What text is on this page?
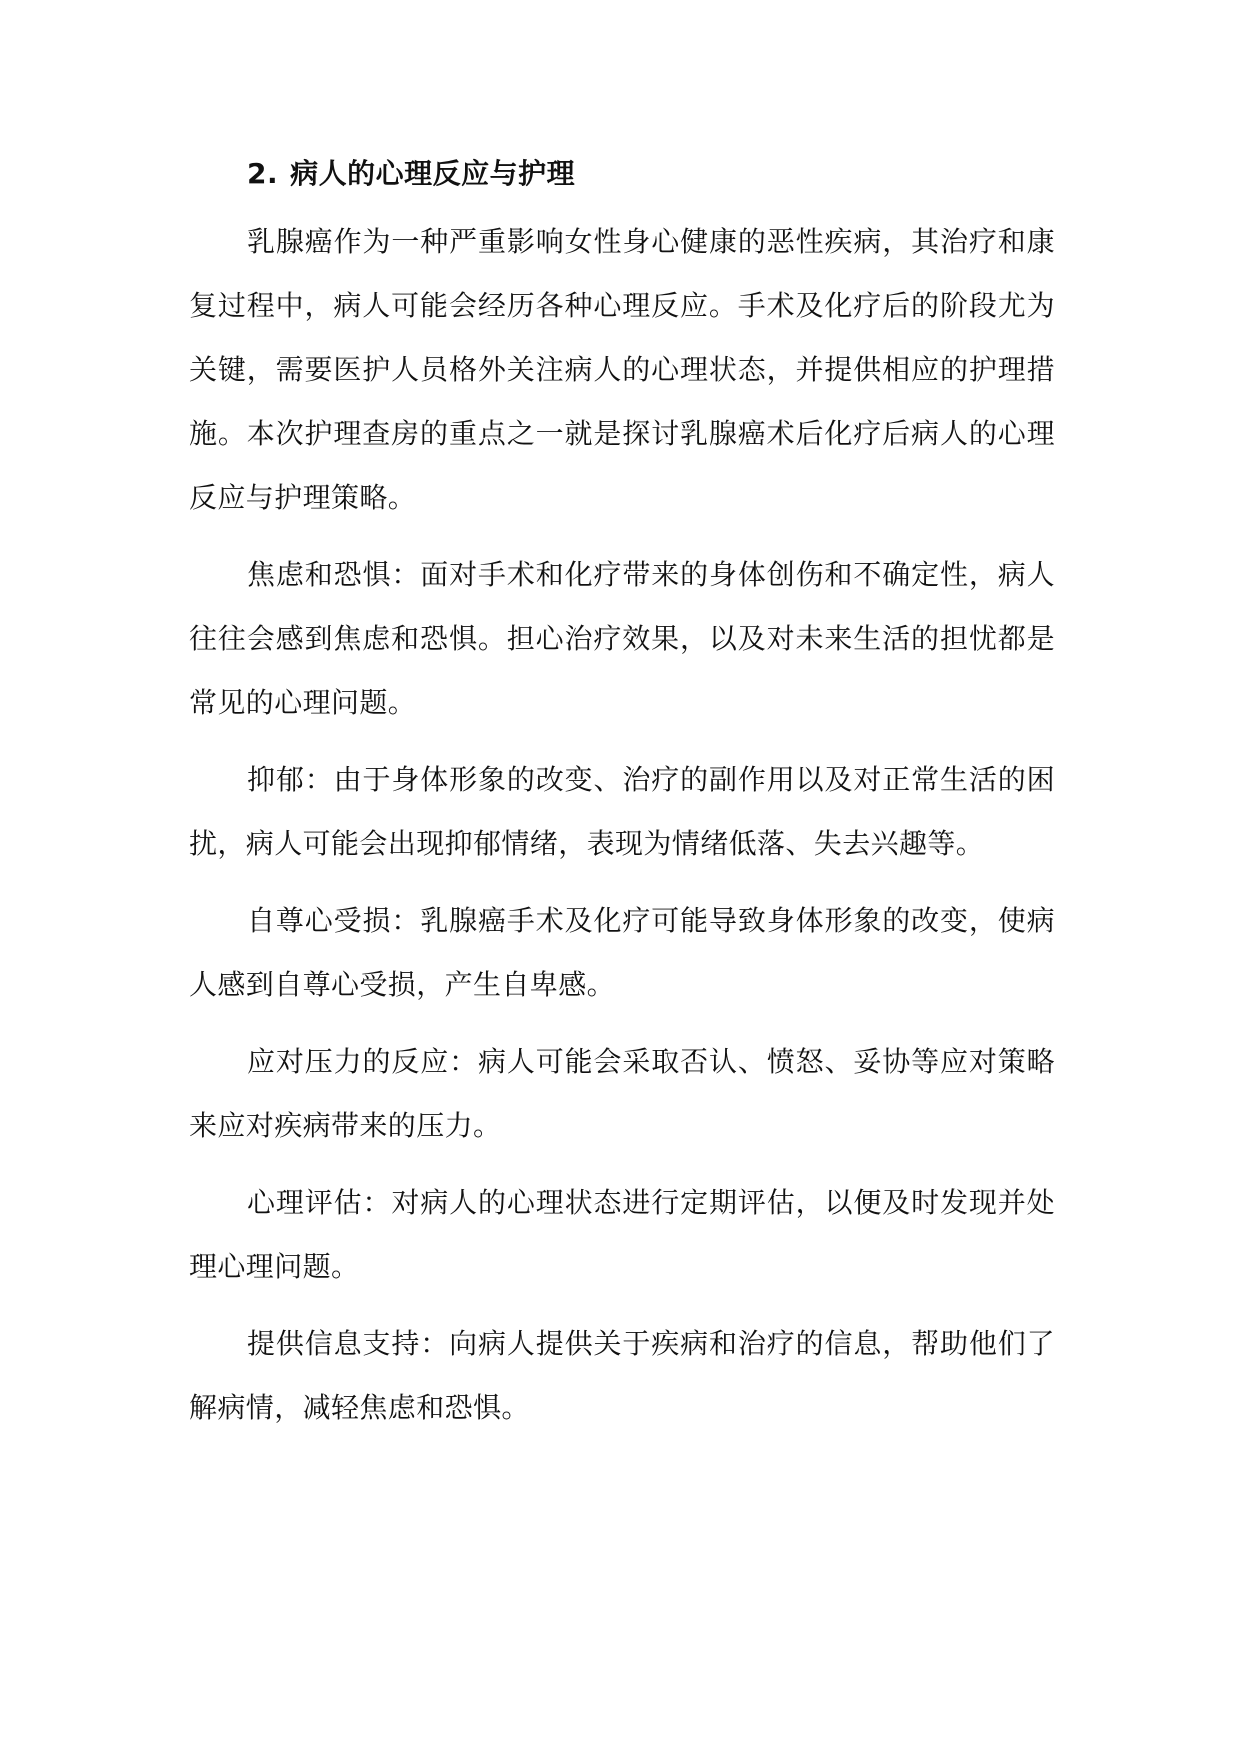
2. 病人的心理反应与护理

乳腺癌作为一种严重影响女性身心健康的恶性疾病，其治疗和康复过程中，病人可能会经历各种心理反应。手术及化疗后的阶段尤为关键，需要医护人员格外关注病人的心理状态，并提供相应的护理措施。本次护理查房的重点之一就是探讨乳腺癌术后化疗后病人的心理反应与护理策略。

焦虑和恐惧：面对手术和化疗带来的身体创伤和不确定性，病人往往会感到焦虑和恐惧。担心治疗效果，以及对未来生活的担忧都是常见的心理问题。

抑郁：由于身体形象的改变、治疗的副作用以及对正常生活的困扰，病人可能会出现抑郁情绪，表现为情绪低落、失去兴趣等。

自尊心受损：乳腺癌手术及化疗可能导致身体形象的改变，使病人感到自尊心受损，产生自卑感。

应对压力的反应：病人可能会采取否认、愤怒、妥协等应对策略来应对疾病带来的压力。

心理评估：对病人的心理状态进行定期评估，以便及时发现并处理心理问题。

提供信息支持：向病人提供关于疾病和治疗的信息，帮助他们了解病情，减轻焦虑和恐惧。
